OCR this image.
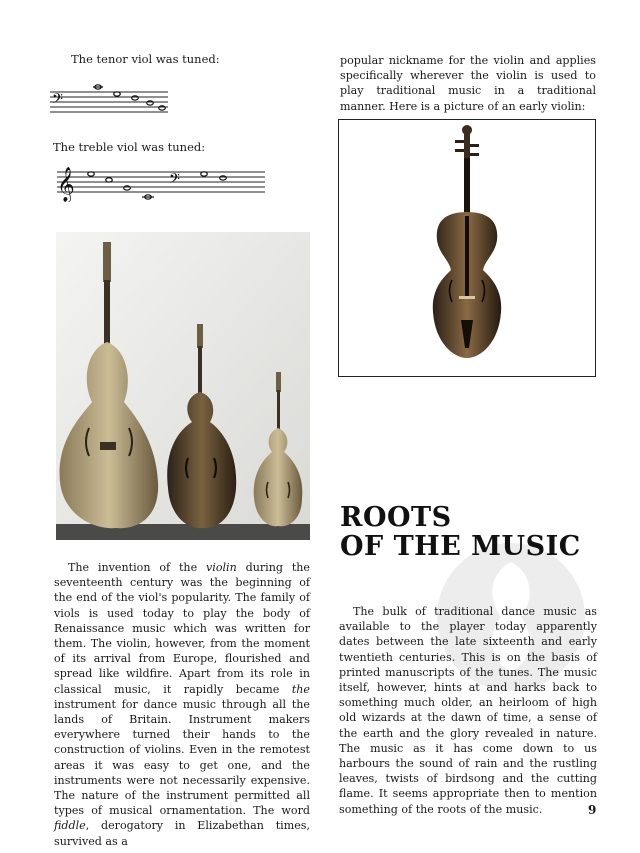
The tenor viol was tuned:
𝄢
The treble viol was tuned:
𝄞	𝄢

The invention of the violin during the seventeenth century was the beginning of the end of the viol's popularity. The family of viols is used today to play the body of Renaissance music which was written for them. The violin, however, from the moment of its arrival from Europe, flourished and spread like wildfire. Apart from its role in classical music, it rapidly became the instrument for dance music through all the lands of Britain. Instrument makers everywhere turned their hands to the construction of violins. Even in the remotest areas it was easy to get one, and the instruments were not necessarily expensive. The nature of the instrument permitted all types of musical ornamentation. The word fiddle, derogatory in Elizabethan times, survived as a

popular nickname for the violin and applies specifically wherever the violin is used to play traditional music in a traditional manner. Here is a picture of an early violin:

ROOTS
OF THE MUSIC

The bulk of traditional dance music as available to the player today apparently dates between the late sixteenth and early twentieth centuries. This is on the basis of printed manuscripts of the tunes. The music itself, however, hints at and harks back to something much older, an heirloom of high old wizards at the dawn of time, a sense of the earth and the glory revealed in nature. The music as it has come down to us harbours the sound of rain and the rustling leaves, twists of birdsong and the cutting flame. It seems appropriate then to mention something of the roots of the music.	9
